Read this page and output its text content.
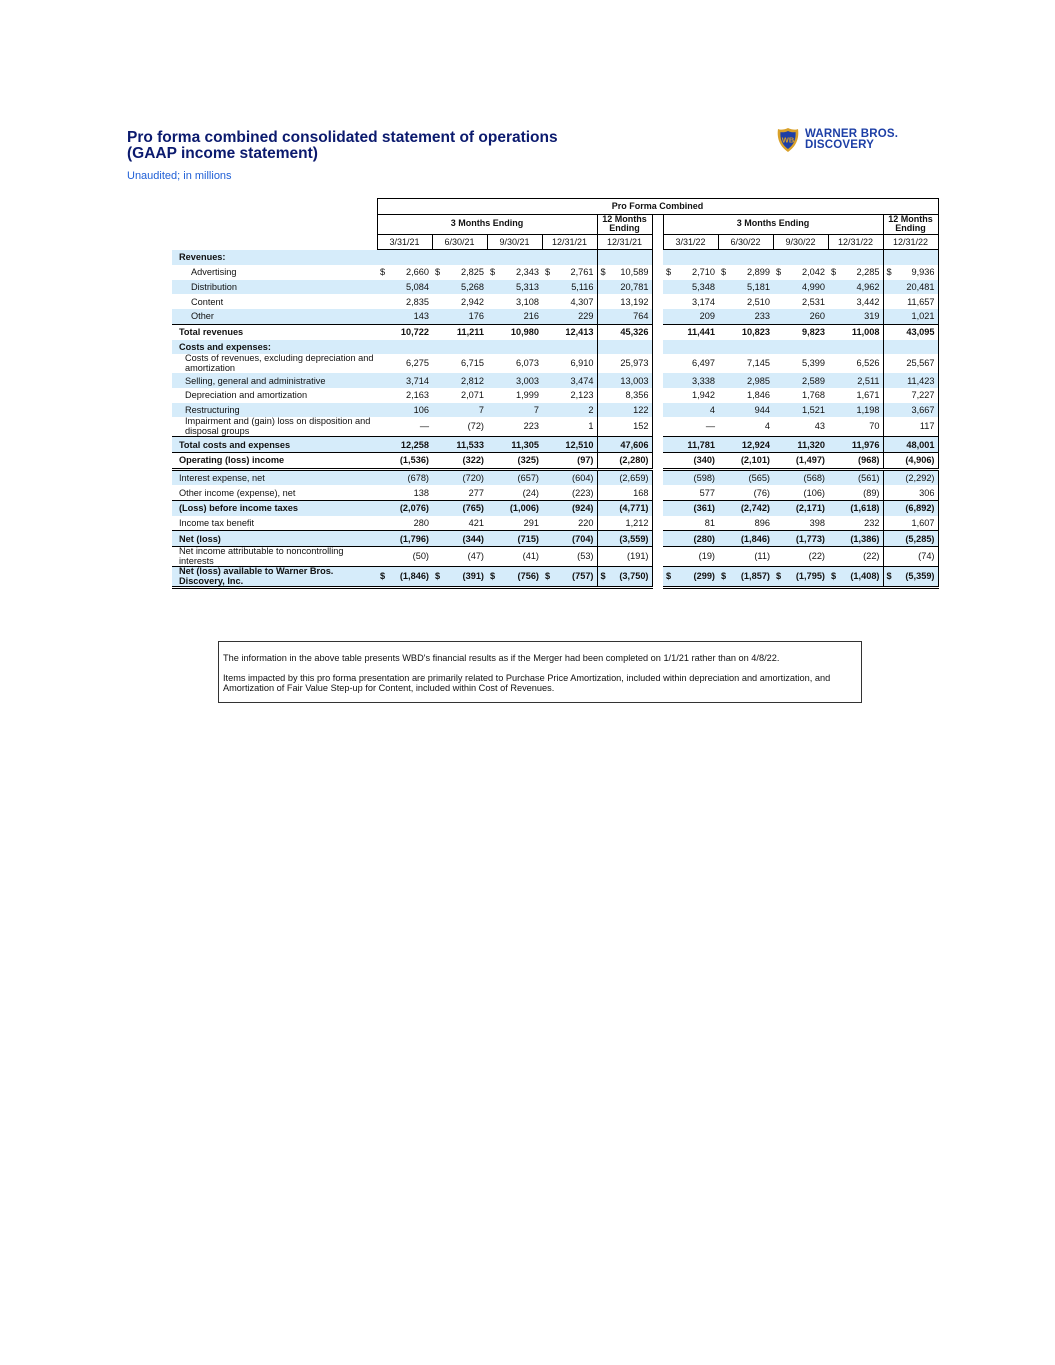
Pro forma combined consolidated statement of operations (GAAP income statement)
Unaudited; in millions
WB WARNER BROS.
DISCOVERY
	Pro Forma Combined										
	3 Months Ending				12 Months Ending		3 Months Ending				12 Months Ending
	3/31/21	6/30/21	9/30/21	12/31/21	12/31/21		3/31/22	6/30/22	9/30/22	12/31/22	12/31/22
Revenues:											
Advertising	$ 2,660	$ 2,825	$ 2,343	$ 2,761	$ 10,589		$ 2,710	$ 2,899	$ 2,042	$ 2,285	$ 9,936
Distribution	5,084	5,268	5,313	5,116	20,781		5,348	5,181	4,990	4,962	20,481
Content	2,835	2,942	3,108	4,307	13,192		3,174	2,510	2,531	3,442	11,657
Other	143	176	216	229	764		209	233	260	319	1,021
Total revenues	10,722	11,211	10,980	12,413	45,326		11,441	10,823	9,823	11,008	43,095
Costs and expenses:											
Costs of revenues, excluding depreciation and amortization	6,275	6,715	6,073	6,910	25,973		6,497	7,145	5,399	6,526	25,567
Selling, general and administrative	3,714	2,812	3,003	3,474	13,003		3,338	2,985	2,589	2,511	11,423
Depreciation and amortization	2,163	2,071	1,999	2,123	8,356		1,942	1,846	1,768	1,671	7,227
Restructuring	106	7	7	2	122		4	944	1,521	1,198	3,667
Impairment and (gain) loss on disposition and disposal groups	—	(72)	223	1	152		—	4	43	70	117
Total costs and expenses	12,258	11,533	11,305	12,510	47,606		11,781	12,924	11,320	11,976	48,001
Operating (loss) income	(1,536)	(322)	(325)	(97)	(2,280)		(340)	(2,101)	(1,497)	(968)	(4,906)
Interest expense, net	(678)	(720)	(657)	(604)	(2,659)		(598)	(565)	(568)	(561)	(2,292)
Other income (expense), net	138	277	(24)	(223)	168		577	(76)	(106)	(89)	306
(Loss) before income taxes	(2,076)	(765)	(1,006)	(924)	(4,771)		(361)	(2,742)	(2,171)	(1,618)	(6,892)
Income tax benefit	280	421	291	220	1,212		81	896	398	232	1,607
Net (loss)	(1,796)	(344)	(715)	(704)	(3,559)		(280)	(1,846)	(1,773)	(1,386)	(5,285)
Net income attributable to noncontrolling interests	(50)	(47)	(41)	(53)	(191)		(19)	(11)	(22)	(22)	(74)
Net (loss) available to Warner Bros. Discovery, Inc.	$ (1,846)	$ (391)	$ (756)	$ (757)	$ (3,750)		$ (299)	$ (1,857)	$ (1,795)	$ (1,408)	$ (5,359)

The information in the above table presents WBD's financial results as if the Merger had been completed on 1/1/21 rather than on 4/8/22.

Items impacted by this pro forma presentation are primarily related to Purchase Price Amortization, included within depreciation and amortization, and Amortization of Fair Value Step-up for Content, included within Cost of Revenues.
